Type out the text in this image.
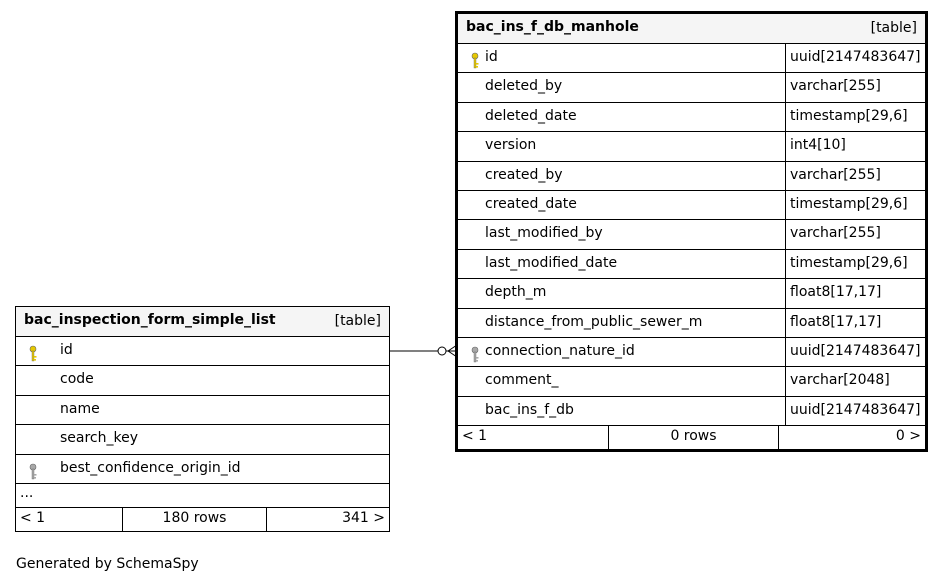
bac_inspection_form_simple_list	[table]
id
code
name
search_key
best_confidence_origin_id
...
< 1	180 rows	341 >
bac_ins_f_db_manhole	[table]
id	uuid[2147483647]
deleted_by	varchar[255]
deleted_date	timestamp[29,6]
version	int4[10]
created_by	varchar[255]
created_date	timestamp[29,6]
last_modified_by	varchar[255]
last_modified_date	timestamp[29,6]
depth_m	float8[17,17]
distance_from_public_sewer_m	float8[17,17]
connection_nature_id	uuid[2147483647]
comment_	varchar[2048]
bac_ins_f_db	uuid[2147483647]
< 1	0 rows	0 >
Generated by SchemaSpy
